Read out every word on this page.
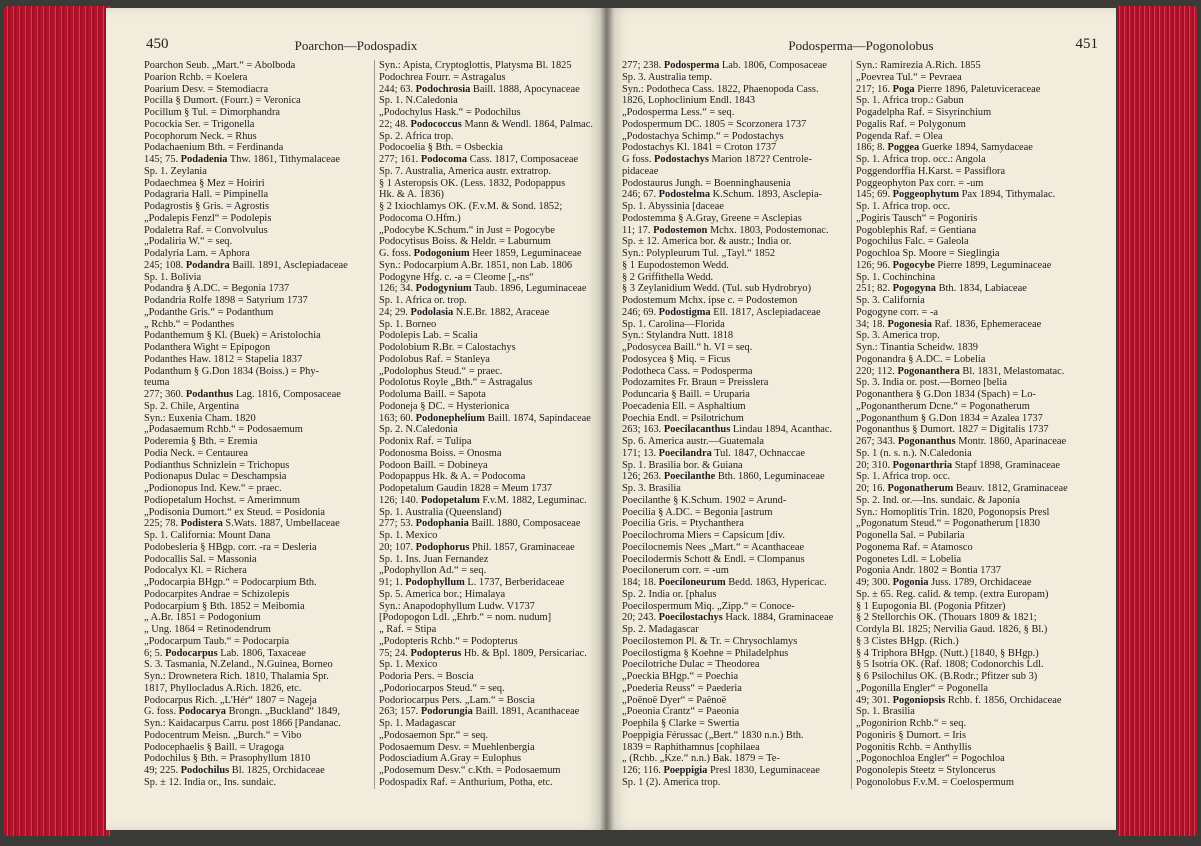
450	Poarchon—Podospadix
Poarchon Seub. „Mart.“ = Abolboda
Poarion Rchb. = Koelera
Poarium Desv. = Stemodiacra
Pocilla § Dumort. (Fourr.) = Veronica
Pocillum § Tul. = Dimorphandra
Pocockia Ser. = Trigonella
Pocophorum Neck. = Rhus
Podachaenium Bth. = Ferdinanda
145; 75. Podadenia Thw. 1861, Tithymalaceae
Sp. 1. Zeylania
Podaechmea § Mez = Hoiriri
Podagraria Hall. = Pimpinella
Podagrostis § Gris. = Agrostis
„Podalepis Fenzl“ = Podolepis
Podaletra Raf. = Convolvulus
„Podaliria W.“ = seq.
Podalyria Lam. = Aphora
245; 108. Podandra Baill. 1891, Asclepiadaceae
Sp. 1. Bolivia
Podandra § A.DC. = Begonia 1737
Podandria Rolfe 1898 = Satyrium 1737
„Podanthe Gris.“ = Podanthum
„ Rchb.“ = Podanthes
Podanthemum § Kl. (Buek) = Aristolochia
Podanthera Wight = Epipogon
Podanthes Haw. 1812 = Stapelia 1837
Podanthum § G.Don 1834 (Boiss.) = Phy-
teuma
277; 360. Podanthus Lag. 1816, Composaceae
Sp. 2. Chile, Argentina
Syn.: Euxenia Cham. 1820
„Podasaemum Rchb.“ = Podosaemum
Poderemia § Bth. = Eremia
Podia Neck. = Centaurea
Podianthus Schnizlein = Trichopus
Podionapus Dulac = Deschampsia
„Podionopus Ind. Kew.“ = praec.
Podiopetalum Hochst. = Amerimnum
„Podisonia Dumort.“ ex Steud. = Posidonia
225; 78. Podistera S.Wats. 1887, Umbellaceae
Sp. 1. California: Mount Dana
Podobesleria § HBgp. corr. -ra = Desleria
Podocallis Sal. = Massonia
Podocalyx Kl. = Richera
„Podocarpia BHgp.“ = Podocarpium Bth.
Podocarpites Andrae = Schizolepis
Podocarpium § Bth. 1852 = Meibomia
„ A.Br. 1851 = Podogonium
„ Ung. 1864 = Retinodendrum
„Podocarpum Taub.“ = Podocarpia
6; 5. Podocarpus Lab. 1806, Taxaceae
S. 3. Tasmania, N.Zeland., N.Guinea, Borneo
Syn.: Drownetera Rich. 1810, Thalamia Spr.
1817, Phyllocladus A.Rich. 1826, etc.
Podocarpus Rich. „L'Hér“ 1807 = Nageja
G. foss. Podocarya Brongn. „Buckland“ 1849,
Syn.: Kaidacarpus Carru. post 1866 [Pandanac.
Podocentrum Meisn. „Burch.“ = Vibo
Podocephaelis § Baill. = Uragoga
Podochilus § Bth. = Prasophyllum 1810
49; 225. Podochilus Bl. 1825, Orchidaceae
Sp. ± 12. India or., Ins. sundaic.
Syn.: Apista, Cryptoglottis, Platysma Bl. 1825
Podochrea Fourr. = Astragalus
244; 63. Podochrosia Baill. 1888, Apocynaceae
Sp. 1. N.Caledonia
„Podochylus Hask.“ = Podochilus
22; 48. Podococcus Mann & Wendl. 1864, Palmac.
Sp. 2. Africa trop.
Podocoelia § Bth. = Osbeckia
277; 161. Podocoma Cass. 1817, Composaceae
Sp. 7. Australia, America austr. extratrop.
§ 1 Asteropsis OK. (Less. 1832, Podopappus
Hk. & A. 1836)
§ 2 Ixiochlamys OK. (F.v.M. & Sond. 1852;
Podocoma O.Hfm.)
„Podocybe K.Schum.“ in Just = Pogocybe
Podocytisus Boiss. & Heldr. = Laburnum
G. foss. Podogonium Heer 1859, Leguminaceae
Syn.: Podocarpium A.Br. 1851, non Lab. 1806
Podogyne Hfg. c. -a = Cleome [„-ns“
126; 34. Podogynium Taub. 1896, Leguminaceae
Sp. 1. Africa or. trop.
24; 29. Podolasia N.E.Br. 1882, Araceae
Sp. 1. Borneo
Podolepis Lab. = Scalia
Podolobium R.Br. = Calostachys
Podolobus Raf. = Stanleya
„Podolophus Steud.“ = praec.
Podolotus Royle „Bth.“ = Astragalus
Podoluma Baill. = Sapota
Podoneja § DC. = Hysterionica
163; 60. Podonephelium Baill. 1874, Sapindaceae
Sp. 2. N.Caledonia
Podonix Raf. = Tulipa
Podonosma Boiss. = Onosma
Podoon Baill. = Dobineya
Podopappus Hk. & A. = Podocoma
Podopetalum Gaudin 1828 = Meum 1737
126; 140. Podopetalum F.v.M. 1882, Leguminac.
Sp. 1. Australia (Queensland)
277; 53. Podophania Baill. 1880, Composaceae
Sp. 1. Mexico
20; 107. Podophorus Phil. 1857, Graminaceae
Sp. 1. Ins. Juan Fernandez
„Podophyllon Ad.“ = seq.
91; 1. Podophyllum L. 1737, Berberidaceae
Sp. 5. America bor.; Himalaya
Syn.: Anapodophyllum Ludw. V1737
[Podopogon Ldl. „Ehrb.“ = nom. nudum]
„ Raf. = Stipa
„Podopteris Rchb.“ = Podopterus
75; 24. Podopterus Hb. & Bpl. 1809, Persicariac.
Sp. 1. Mexico
Podoria Pers. = Boscia
„Podoriocarpos Steud.“ = seq.
Podoriocarpus Pers. „Lam.“ = Boscia
263; 157. Podorungia Baill. 1891, Acanthaceae
Sp. 1. Madagascar
„Podosaemon Spr.“ = seq.
Podosaemum Desv. = Muehlenbergia
Podosciadium A.Gray = Eulophus
„Podosemum Desv.“ c.Kth. = Podosaemum
Podospadix Raf. = Anthurium, Potha, etc.
Podosperma—Pogonolobus	451
277; 238. Podosperma Lab. 1806, Composaceae
Sp. 3. Australia temp.
Syn.: Podotheca Cass. 1822, Phaenopoda Cass.
1826, Lophoclinium Endl. 1843
„Podosperma Less.“ = seq.
Podospermum DC. 1805 = Scorzonera 1737
„Podostachya Schimp.“ = Podostachys
Podostachys Kl. 1841 = Croton 1737
G foss. Podostachys Marion 1872? Centrole-
pidaceae
Podostaurus Jungh. = Boenninghausenia
246; 67. Podostelma K.Schum. 1893, Asclepia-
Sp. 1. Abyssinia [daceae
Podostemma § A.Gray, Greene = Asclepias
11; 17. Podostemon Mchx. 1803, Podostemonac.
Sp. ± 12. America bor. & austr.; India or.
Syn.: Polypleurum Tul. „Tayl.“ 1852
§ 1 Eupodostemon Wedd.
§ 2 Griffithella Wedd.
§ 3 Zeylanidium Wedd. (Tul. sub Hydrobryo)
Podostemum Mchx. ipse c. = Podostemon
246; 69. Podostigma Ell. 1817, Asclepiadaceae
Sp. 1. Carolina—Florida
Syn.: Stylandra Nutt. 1818
„Podosycea Baill.“ h. VI = seq.
Podosycea § Miq. = Ficus
Podotheca Cass. = Podosperma
Podozamites Fr. Braun = Preisslera
Poduncaria § Baill. = Uruparia
Poecadenia Ell. = Asphaltium
Poechia Endl. = Psilotrichum
263; 163. Poecilacanthus Lindau 1894, Acanthac.
Sp. 6. America austr.—Guatemala
171; 13. Poecilandra Tul. 1847, Ochnaccae
Sp. 1. Brasilia bor. & Guiana
126; 263. Poecilanthe Bth. 1860, Leguminaceae
Sp. 3. Brasilia
Poecilanthe § K.Schum. 1902 = Arund-
Poecilia § A.DC. = Begonia [astrum
Poecilia Gris. = Ptychanthera
Poecilochroma Miers = Capsicum [div.
Poecilocnemis Nees „Mart.“ = Acanthaceae
Poecilodermis Schott & Endl. = Clompanus
Poecilonerum corr. = -um
184; 18. Poeciloneurum Bedd. 1863, Hypericac.
Sp. 2. India or. [phalus
Poecilospermum Miq. „Zipp.“ = Conoce-
20; 243. Poecilostachys Hack. 1884, Graminaceae
Sp. 2. Madagascar
Poecilostemon Pl. & Tr. = Chrysochlamys
Poecilostigma § Koehne = Philadelphus
Poecilotriche Dulac = Theodorea
„Poeckia BHgp.“ = Poechia
„Poederia Reuss“ = Paederia
„Poënoë Dyer“ = Paënoë
„Poeonia Crantz“ = Paeonia
Poephila § Clarke = Swertia
Poeppigia Férussac („Bert.“ 1830 n.n.) Bth.
1839 = Raphithamnus [cophilaea
„ (Rchb. „Kze.“ n.n.) Bak. 1879 = Te-
126; 116. Poeppigia Presl 1830, Leguminaceae
Sp. 1 (2). America trop.
Syn.: Ramirezia A.Rich. 1855
„Poevrea Tul.“ = Pevraea
217; 16. Poga Pierre 1896, Paletuviceraceae
Sp. 1. Africa trop.: Gabun
Pogadelpha Raf. = Sisyrinchium
Pogalis Raf. = Polygonum
Pogenda Raf. = Olea
186; 8. Poggea Guerke 1894, Samydaceae
Sp. 1. Africa trop. occ.: Angola
Poggendorffia H.Karst. = Passiflora
Poggeophyton Pax corr. = -um
145; 69. Poggeophytum Pax 1894, Tithymalac.
Sp. 1. Africa trop. occ.
„Pogiris Tausch“ = Pogoniris
Pogoblephis Raf. = Gentiana
Pogochilus Falc. = Galeola
Pogochloa Sp. Moore = Sieglingia
126; 96. Pogocybe Pierre 1899, Leguminaceae
Sp. 1. Cochinchina
251; 82. Pogogyna Bth. 1834, Labiaceae
Sp. 3. California
Pogogyne corr. = -a
34; 18. Pogonesia Raf. 1836, Ephemeraceae
Sp. 3. America trop.
Syn.: Tinantia Scheidw. 1839
Pogonandra § A.DC. = Lobelia
220; 112. Pogonanthera Bl. 1831, Melastomatac.
Sp. 3. India or. post.—Borneo [belia
Pogonanthera § G.Don 1834 (Spach) = Lo-
„Pogonantherum Dcne.“ = Pogonatherum
„Pogonanthum § G.Don 1834 = Azalea 1737
Pogonanthus § Dumort. 1827 = Digitalis 1737
267; 343. Pogonanthus Montr. 1860, Aparinaceae
Sp. 1 (n. s. n.). N.Caledonia
20; 310. Pogonarthria Stapf 1898, Graminaceae
Sp. 1. Africa trop. occ.
20; 16. Pogonatherum Beauv. 1812, Graminaceae
Sp. 2. Ind. or.—Ins. sundaic. & Japonia
Syn.: Homoplitis Trin. 1820, Pogonopsis Presl
„Pogonatum Steud.“ = Pogonatherum [1830
Pogonella Sal. = Pubilaria
Pogonema Raf. = Atamosco
Pogonetes Ldl. = Lobelia
Pogonia Andr. 1802 = Bontia 1737
49; 300. Pogonia Juss. 1789, Orchidaceae
Sp. ± 65. Reg. calid. & temp. (extra Europam)
§ 1 Eupogonia Bl. (Pogonia Pfitzer)
§ 2 Stellorchis OK. (Thouars 1809 & 1821;
Cordyla Bl. 1825; Nervilia Gaud. 1826, § Bl.)
§ 3 Cistes BHgp. (Rich.)
§ 4 Triphora BHgp. (Nutt.) [1840, § BHgp.)
§ 5 Isotria OK. (Raf. 1808; Codonorchis Ldl.
§ 6 Psilochilus OK. (B.Rodr.; Pfitzer sub 3)
„Pogonilla Engler“ = Pogonella
49; 301. Pogoniopsis Rchb. f. 1856, Orchidaceae
Sp. 1. Brasilia
„Pogonirion Rchb.“ = seq.
Pogoniris § Dumort. = Iris
Pogonitis Rchb. = Anthyllis
„Pogonochloa Engler“ = Pogochloa
Pogonolepis Steetz = Styloncerus
Pogonolobus F.v.M. = Coelospermum
